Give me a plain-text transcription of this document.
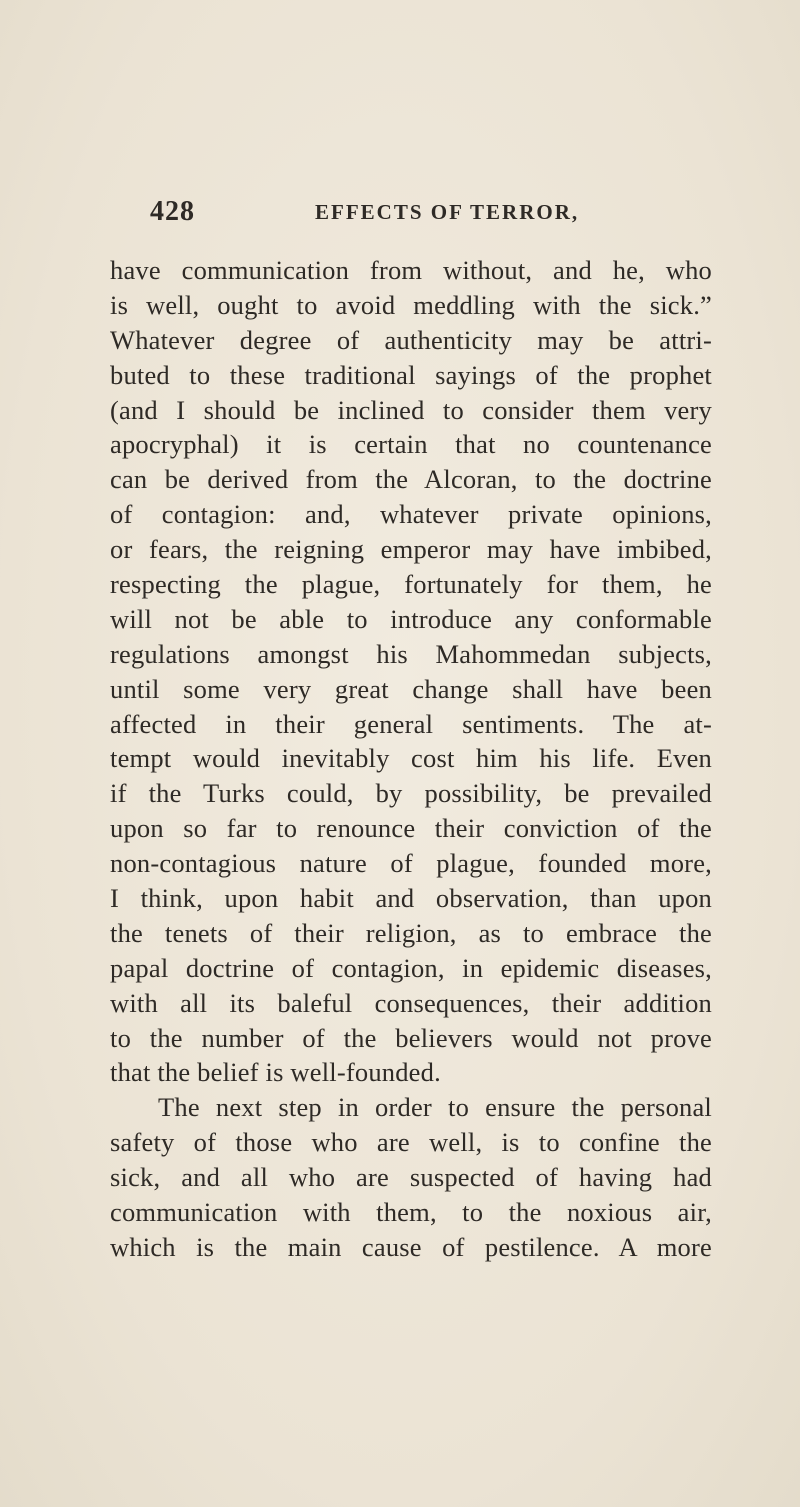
428	EFFECTS OF TERROR,
have communication from without, and he, who
is well, ought to avoid meddling with the sick.”
Whatever degree of authenticity may be attri-
buted to these traditional sayings of the prophet
(and I should be inclined to consider them very
apocryphal) it is certain that no countenance
can be derived from the Alcoran, to the doctrine
of contagion: and, whatever private opinions,
or fears, the reigning emperor may have imbibed,
respecting the plague, fortunately for them, he
will not be able to introduce any conformable
regulations amongst his Mahommedan subjects,
until some very great change shall have been
affected in their general sentiments. The at-
tempt would inevitably cost him his life. Even
if the Turks could, by possibility, be prevailed
upon so far to renounce their conviction of the
non-contagious nature of plague, founded more,
I think, upon habit and observation, than upon
the tenets of their religion, as to embrace the
papal doctrine of contagion, in epidemic diseases,
with all its baleful consequences, their addition
to the number of the believers would not prove
that the belief is well-founded.
The next step in order to ensure the personal
safety of those who are well, is to confine the
sick, and all who are suspected of having had
communication with them, to the noxious air,
which is the main cause of pestilence. A more
